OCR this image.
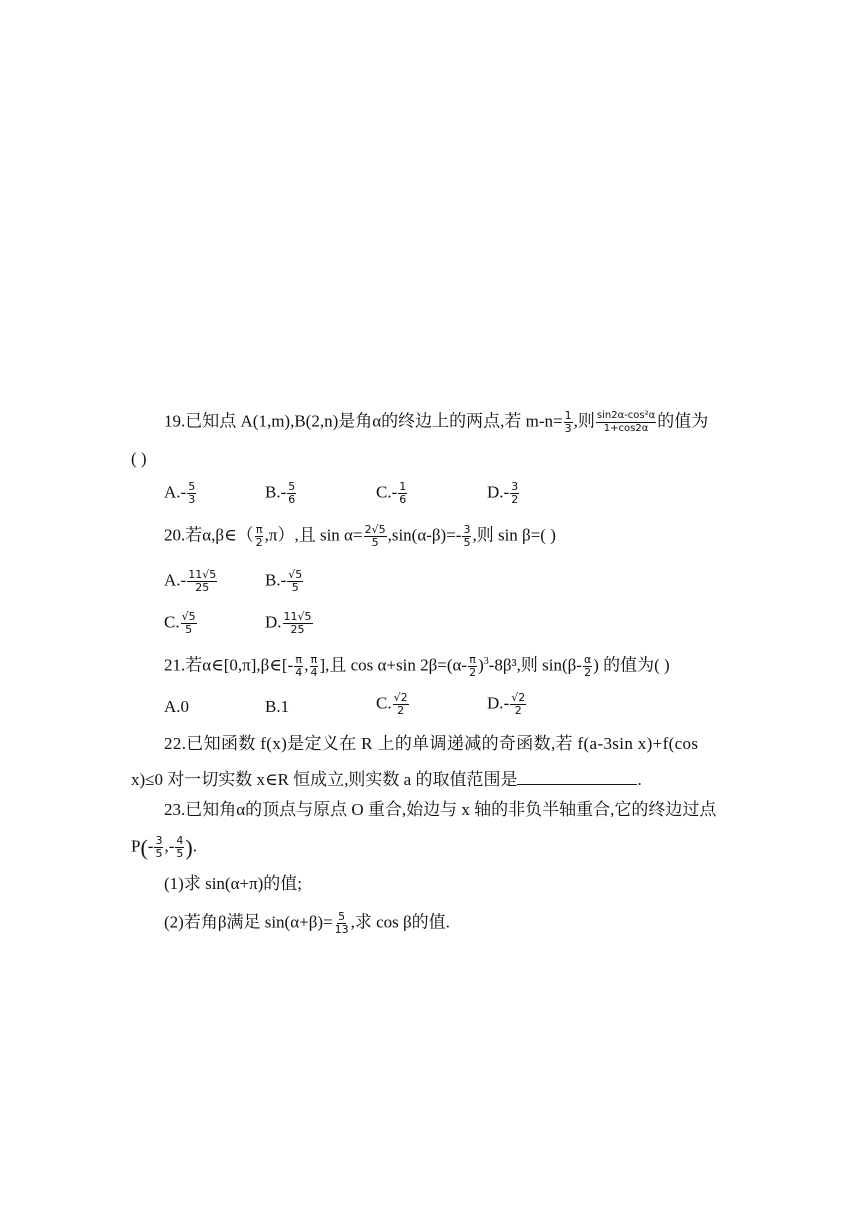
19.已知点 A(1,m),B(2,n)是角α的终边上的两点,若 $m-n= \frac{1}{3}$ ,则 $\frac{\text{sin2α-cos²α}}{1+\cos 2\alpha}$ 的值为
( )
$A.- \frac{5}{3}$	$B.- \frac{5}{6}$	$C.- \frac{1}{6}$	$D.- \frac{3}{2}$
20.若α,β∈（ $\frac{\pi}{2} ,\pi$）,且 $\sin \alpha= \frac{2√5}{5} ,\sin(\alpha-\beta)=- \frac{3}{5}$ ,则 sin β=( )
$A.- \frac{11√5}{25}$	$B.- \frac{√5}{5}$
C. $\frac{√5}{5}$	D. $\frac{11√5}{25}$
21.若α∈[0,π],β∈[- $\frac{\pi}{4}$ , $\frac{\pi}{4}$ ],且 cos α+sin $2\beta=(\alpha- \frac{\pi}{2} )^3-8\beta^3$,则 $\sin(\beta- \frac{\alpha}{2}$ ) 的值为( )
A.0	B.1	C. $\frac{√2}{2}$	$D.- \frac{√2}{2}$
22.已知函数 f(x)是定义在 R 上的单调递减的奇函数,若 f(a-3sin x)+f(cos
x)≤0 对一切实数 x∈R 恒成立,则实数 a 的取值范围是	.
23.已知角α的顶点与原点 O 重合,始边与 x 轴的非负半轴重合,它的终边过点
$P(- \frac{3}{5}$ ,- $\frac{4}{5}$ ).
(1)求 sin(α+π)的值;
(2)若角β满足 $\sin(\alpha+\beta)= \frac{5}{13}$ ,求 cos β的值.
